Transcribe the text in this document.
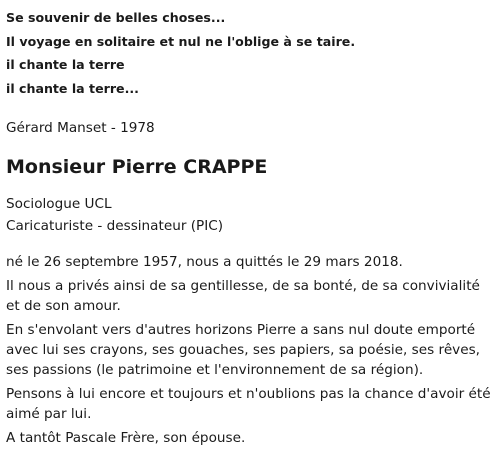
Se souvenir de belles choses...

Il voyage en solitaire et nul ne l'oblige à se taire.

il chante la terre

il chante la terre...

Gérard Manset - 1978

Monsieur Pierre CRAPPE

Sociologue UCL

Caricaturiste - dessinateur (PIC)

né le 26 septembre 1957, nous a quittés le 29 mars 2018.

Il nous a privés ainsi de sa gentillesse, de sa bonté, de sa convivialité et de son amour.

En s'envolant vers d'autres horizons Pierre a sans nul doute emporté avec lui ses crayons, ses gouaches, ses papiers, sa poésie, ses rêves, ses passions (le patrimoine et l'environnement de sa région).

Pensons à lui encore et toujours et n'oublions pas la chance d'avoir été aimé par lui.

A tantôt Pascale Frère, son épouse.
